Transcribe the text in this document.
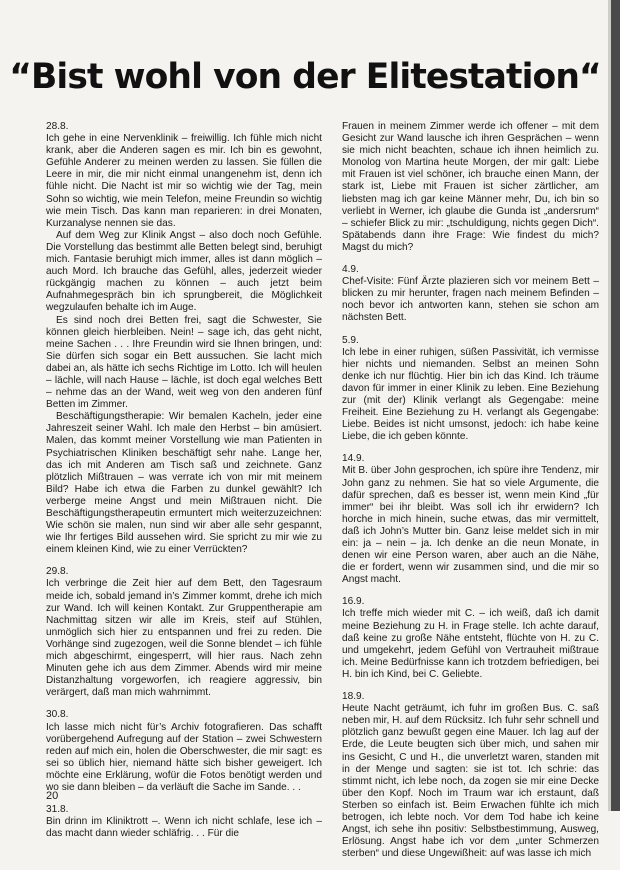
“Bist wohl von der Elitestation“
28.8.

Ich gehe in eine Nervenklinik – freiwillig. Ich fühle mich nicht krank, aber die Anderen sagen es mir. Ich bin es gewohnt, Gefühle Anderer zu meinen werden zu lassen. Sie füllen die Leere in mir, die mir nicht einmal unangenehm ist, denn ich fühle nicht. Die Nacht ist mir so wichtig wie der Tag, mein Sohn so wichtig, wie mein Telefon, meine Freundin so wichtig wie mein Tisch. Das kann man reparieren: in drei Monaten, Kurzanalyse nennen sie das.

Auf dem Weg zur Klinik Angst – also doch noch Gefühle. Die Vorstellung das bestimmt alle Betten belegt sind, beruhigt mich. Fantasie beruhigt mich immer, alles ist dann möglich – auch Mord. Ich brauche das Gefühl, alles, jederzeit wieder rückgängig machen zu können – auch jetzt beim Aufnahmegespräch bin ich sprungbereit, die Möglichkeit wegzulaufen behalte ich im Auge.

Es sind noch drei Betten frei, sagt die Schwester, Sie können gleich hierbleiben. Nein! – sage ich, das geht nicht, meine Sachen . . . Ihre Freundin wird sie Ihnen bringen, und: Sie dürfen sich sogar ein Bett aussuchen. Sie lacht mich dabei an, als hätte ich sechs Richtige im Lotto. Ich will heulen – lächle, will nach Hause – lächle, ist doch egal welches Bett – nehme das an der Wand, weit weg von den anderen fünf Betten im Zimmer.

Beschäftigungstherapie: Wir bemalen Kacheln, jeder eine Jahreszeit seiner Wahl. Ich male den Herbst – bin amüsiert. Malen, das kommt meiner Vorstellung wie man Patienten in Psychiatrischen Kliniken beschäftigt sehr nahe. Lange her, das ich mit Anderen am Tisch saß und zeichnete. Ganz plötzlich Mißtrauen – was verrate ich von mir mit meinem Bild? Habe ich etwa die Farben zu dunkel gewählt? Ich verberge meine Angst und mein Mißtrauen nicht. Die Beschäftigungstherapeutin ermuntert mich weiterzuzeichnen: Wie schön sie malen, nun sind wir aber alle sehr gespannt, wie Ihr fertiges Bild aussehen wird. Sie spricht zu mir wie zu einem kleinen Kind, wie zu einer Verrückten?

29.8.

Ich verbringe die Zeit hier auf dem Bett, den Tagesraum meide ich, sobald jemand in’s Zimmer kommt, drehe ich mich zur Wand. Ich will keinen Kontakt. Zur Gruppentherapie am Nachmittag sitzen wir alle im Kreis, steif auf Stühlen, unmöglich sich hier zu entspannen und frei zu reden. Die Vorhänge sind zugezogen, weil die Sonne blendet – ich fühle mich abgeschirmt, eingesperrt, will hier raus. Nach zehn Minuten gehe ich aus dem Zimmer. Abends wird mir meine Distanzhaltung vorgeworfen, ich reagiere aggressiv, bin verärgert, daß man mich wahrnimmt.

30.8.

Ich lasse mich nicht für’s Archiv fotografieren. Das schafft vorübergehend Aufregung auf der Station – zwei Schwestern reden auf mich ein, holen die Oberschwester, die mir sagt: es sei so üblich hier, niemand hätte sich bisher geweigert. Ich möchte eine Erklärung, wofür die Fotos benötigt werden und wo sie dann bleiben – da verläuft die Sache im Sande. . .

31.8.

Bin drinn im Kliniktrott –. Wenn ich nicht schlafe, lese ich – das macht dann wieder schläfrig. . . Für die

Frauen in meinem Zimmer werde ich offener – mit dem Gesicht zur Wand lausche ich ihren Gesprächen – wenn sie mich nicht beachten, schaue ich ihnen heimlich zu. Monolog von Martina heute Morgen, der mir galt: Liebe mit Frauen ist viel schöner, ich brauche einen Mann, der stark ist, Liebe mit Frauen ist sicher zärtlicher, am liebsten mag ich gar keine Männer mehr, Du, ich bin so verliebt in Werner, ich glaube die Gunda ist „andersrum“ – schiefer Blick zu mir: „tschuldigung, nichts gegen Dich“. Spätabends dann ihre Frage: Wie findest du mich? Magst du mich?

4.9.

Chef-Visite: Fünf Ärzte plazieren sich vor meinem Bett – blicken zu mir herunter, fragen nach meinem Befinden – noch bevor ich antworten kann, stehen sie schon am nächsten Bett.

5.9.

Ich lebe in einer ruhigen, süßen Passivität, ich vermisse hier nichts und niemanden. Selbst an meinen Sohn denke ich nur flüchtig. Hier bin ich das Kind. Ich träume davon für immer in einer Klinik zu leben. Eine Beziehung zur (mit der) Klinik verlangt als Gegengabe: meine Freiheit. Eine Beziehung zu H. verlangt als Gegengabe: Liebe. Beides ist nicht umsonst, jedoch: ich habe keine Liebe, die ich geben könnte.

14.9.

Mit B. über John gesprochen, ich spüre ihre Tendenz, mir John ganz zu nehmen. Sie hat so viele Argumente, die dafür sprechen, daß es besser ist, wenn mein Kind „für immer“ bei ihr bleibt. Was soll ich ihr erwidern? Ich horche in mich hinein, suche etwas, das mir vermittelt, daß ich John’s Mutter bin. Ganz leise meldet sich in mir ein: ja – nein – ja. Ich denke an die neun Monate, in denen wir eine Person waren, aber auch an die Nähe, die er fordert, wenn wir zusammen sind, und die mir so Angst macht.

16.9.

Ich treffe mich wieder mit C. – ich weiß, daß ich damit meine Beziehung zu H. in Frage stelle. Ich achte darauf, daß keine zu große Nähe entsteht, flüchte von H. zu C. und umgekehrt, jedem Gefühl von Vertrauheit mißtraue ich. Meine Bedürfnisse kann ich trotzdem befriedigen, bei H. bin ich Kind, bei C. Geliebte.

18.9.

Heute Nacht geträumt, ich fuhr im großen Bus. C. saß neben mir, H. auf dem Rücksitz. Ich fuhr sehr schnell und plötzlich ganz bewußt gegen eine Mauer. Ich lag auf der Erde, die Leute beugten sich über mich, und sahen mir ins Gesicht, C und H., die unverletzt waren, standen mit in der Menge und sagten: sie ist tot. Ich schrie: das stimmt nicht, ich lebe noch, da zogen sie mir eine Decke über den Kopf. Noch im Traum war ich erstaunt, daß Sterben so einfach ist. Beim Erwachen fühlte ich mich betrogen, ich lebte noch. Vor dem Tod habe ich keine Angst, ich sehe ihn positiv: Selbstbestimmung, Ausweg, Erlösung. Angst habe ich vor dem „unter Schmerzen sterben“ und diese Ungewißheit: auf was lasse ich mich

20
